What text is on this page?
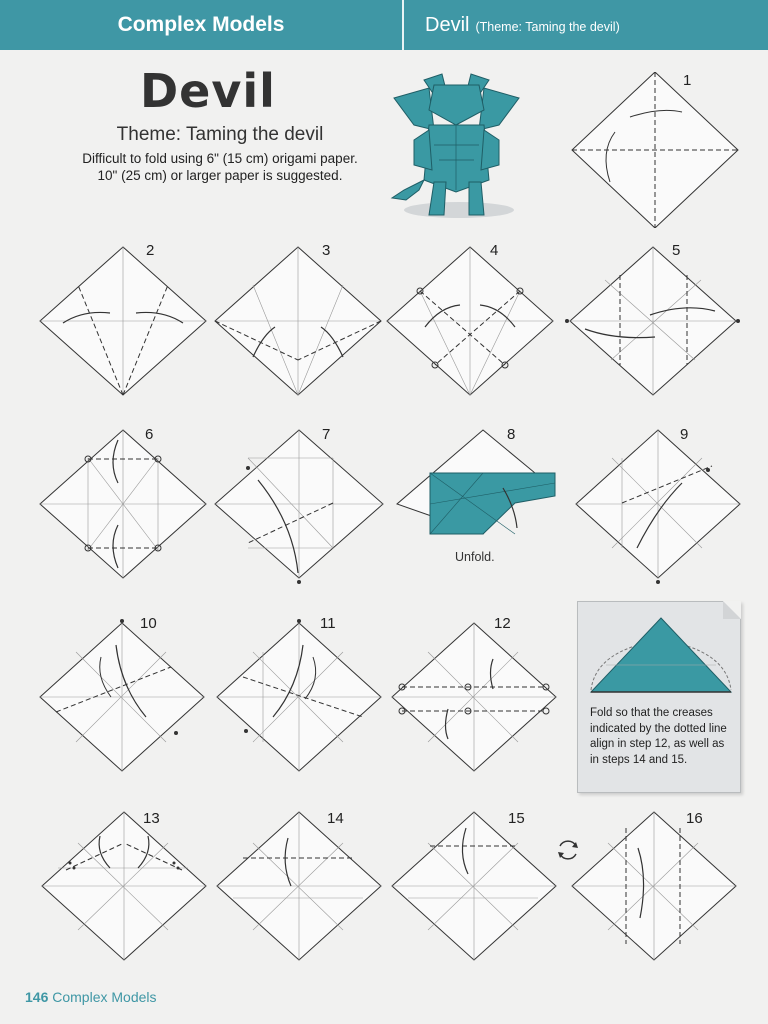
Complex Models	Devil (Theme: Taming the devil)
Devil
Theme: Taming the devil
Difficult to fold using 6" (15 cm) origami paper.
10" (25 cm) or larger paper is suggested.
Fold so that the creases indicated by the dotted line align in step 12, as well as in steps 14 and 15.
1
2	3	4	5
6	7	8	9
10	11	12
13	14	15	16
Unfold.
146 Complex Models
